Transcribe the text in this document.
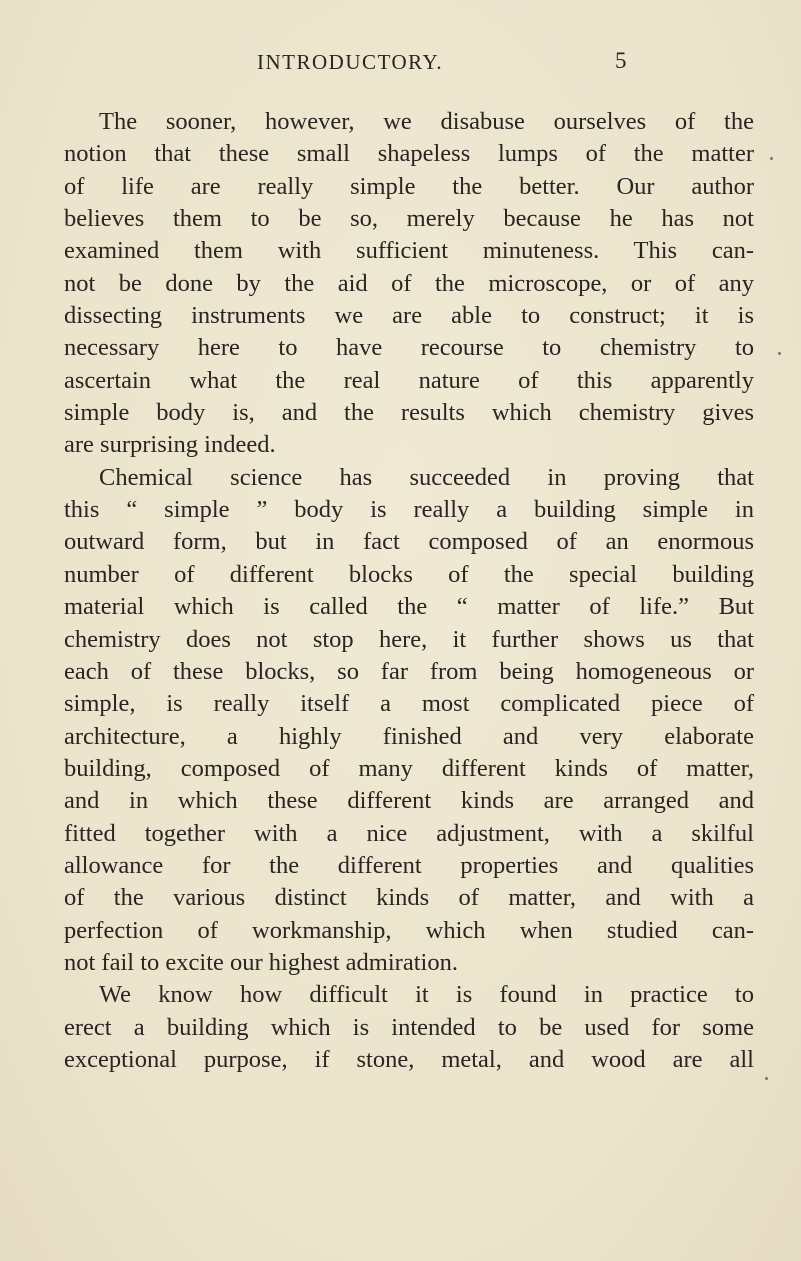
INTRODUCTORY.	5
The sooner, however, we disabuse ourselves of the
notion that these small shapeless lumps of the matter
of life are really simple the better. Our author
believes them to be so, merely because he has not
examined them with sufficient minuteness. This can-
not be done by the aid of the microscope, or of any
dissecting instruments we are able to construct; it is
necessary here to have recourse to chemistry to
ascertain what the real nature of this apparently
simple body is, and the results which chemistry gives
are surprising indeed.
Chemical science has succeeded in proving that
this “ simple ” body is really a building simple in
outward form, but in fact composed of an enormous
number of different blocks of the special building
material which is called the “ matter of life.” But
chemistry does not stop here, it further shows us that
each of these blocks, so far from being homogeneous or
simple, is really itself a most complicated piece of
architecture, a highly finished and very elaborate
building, composed of many different kinds of matter,
and in which these different kinds are arranged and
fitted together with a nice adjustment, with a skilful
allowance for the different properties and qualities
of the various distinct kinds of matter, and with a
perfection of workmanship, which when studied can-
not fail to excite our highest admiration.
We know how difficult it is found in practice to
erect a building which is intended to be used for some
exceptional purpose, if stone, metal, and wood are all
